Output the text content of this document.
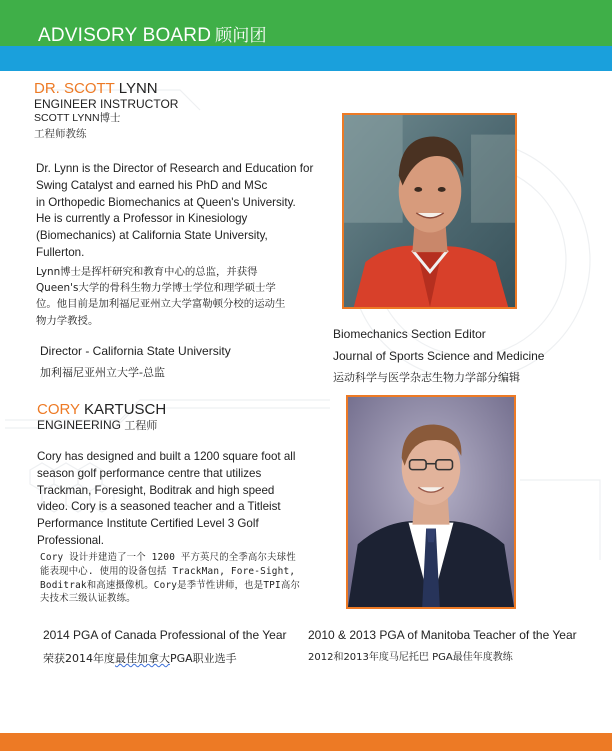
ADVISORY BOARD 顾问团
DR. SCOTT LYNN
ENGINEER INSTRUCTOR
SCOTT LYNN博士
工程师教练
Dr. Lynn is the Director of Research and Education for
Swing Catalyst and earned his PhD and MSc
in Orthopedic Biomechanics at Queen's University.
He is currently a Professor in Kinesiology
(Biomechanics) at California State University,
Fullerton.
Lynn博士是挥杆研究和教育中心的总监，并获得
Queen's大学的骨科生物力学博士学位和理学硕士学
位。他目前是加利福尼亚州立大学富勒顿分校的运动生
物力学教授。
Director - California State University
加利福尼亚州立大学-总监
Biomechanics Section Editor
Journal of Sports Science and Medicine
运动科学与医学杂志生物力学部分编辑
CORY KARTUSCH
ENGINEERING 工程师
Cory has designed and built a 1200 square foot all
season golf performance centre that utilizes
Trackman, Foresight, Boditrak and high speed
video. Cory is a seasoned teacher and a Titleist
Performance Institute Certified Level 3 Golf
Professional.
Cory 设计并建造了一个 1200 平方英尺的全季高尔夫球性
能表现中心. 使用的设备包括 TrackMan, Fore-Sight,
Boditrak和高速摄像机。Cory是季节性讲师，也是TPI高尔
夫技术三级认证教练。
2014 PGA of Canada Professional of the Year
荣获2014年度最佳加拿大PGA职业选手
2010 & 2013 PGA of Manitoba Teacher of the Year
2012和2013年度马尼托巴 PGA最佳年度教练
